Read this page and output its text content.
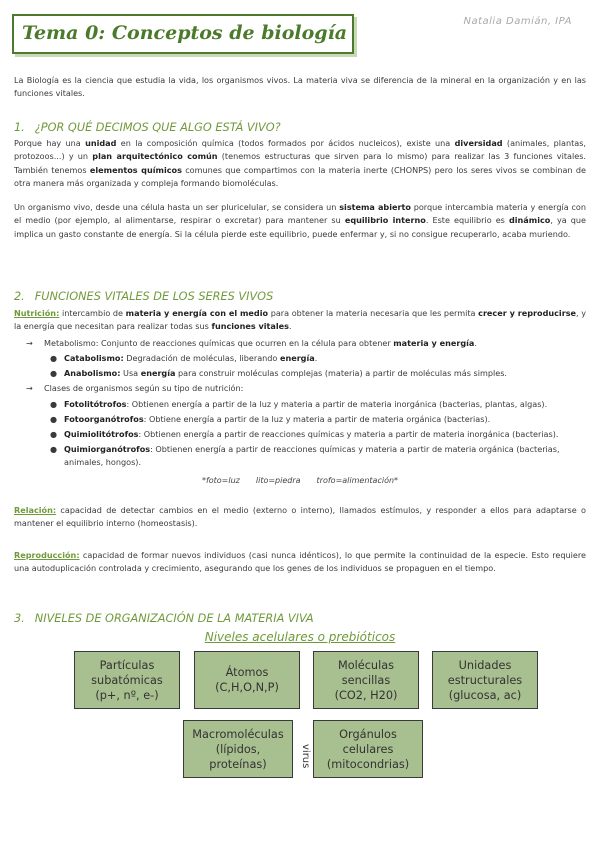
Tema 0: Conceptos de biología
Natalia Damián, IPA

La Biología es la ciencia que estudia la vida, los organismos vivos. La materia viva se diferencia de la mineral en la organización y en las funciones vitales.

1. ¿POR QUÉ DECIMOS QUE ALGO ESTÁ VIVO?

Porque hay una unidad en la composición química (todos formados por ácidos nucleicos), existe una diversidad (animales, plantas, protozoos...) y un plan arquitectónico común (tenemos estructuras que sirven para lo mismo) para realizar las 3 funciones vitales. También tenemos elementos químicos comunes que compartimos con la materia inerte (CHONPS) pero los seres vivos se combinan de otra manera más organizada y compleja formando biomoléculas.

Un organismo vivo, desde una célula hasta un ser pluricelular, se considera un sistema abierto porque intercambia materia y energía con el medio (por ejemplo, al alimentarse, respirar o excretar) para mantener su equilibrio interno. Este equilibrio es dinámico, ya que implica un gasto constante de energía. Si la célula pierde este equilibrio, puede enfermar y, si no consigue recuperarlo, acaba muriendo.

2. FUNCIONES VITALES DE LOS SERES VIVOS

Nutrición: intercambio de materia y energía con el medio para obtener la materia necesaria que les permita crecer y reproducirse, y la energía que necesitan para realizar todas sus funciones vitales.

→ Metabolismo: Conjunto de reacciones químicas que ocurren en la célula para obtener materia y energía.
● Catabolismo: Degradación de moléculas, liberando energía.
● Anabolismo: Usa energía para construir moléculas complejas (materia) a partir de moléculas más simples.
→ Clases de organismos según su tipo de nutrición:
● Fotolitótrofos: Obtienen energía a partir de la luz y materia a partir de materia inorgánica (bacterias, plantas, algas).
● Fotoorganótrofos: Obtiene energía a partir de la luz y materia a partir de materia orgánica (bacterias).
● Quimiolitótrofos: Obtienen energía a partir de reacciones químicas y materia a partir de materia inorgánica (bacterias).
● Quimiorganótrofos: Obtienen energía a partir de reacciones químicas y materia a partir de materia orgánica (bacterias, animales, hongos).
*foto=luz lito=piedra trofo=alimentación*

Relación: capacidad de detectar cambios en el medio (externo o interno), llamados estímulos, y responder a ellos para adaptarse o mantener el equilibrio interno (homeostasis).

Reproducción: capacidad de formar nuevos individuos (casi nunca idénticos), lo que permite la continuidad de la especie. Esto requiere una autoduplicación controlada y crecimiento, asegurando que los genes de los individuos se propaguen en el tiempo.

3. NIVELES DE ORGANIZACIÓN DE LA MATERIA VIVA
Niveles acelulares o prebióticos
Partículas
subatómicas
(p+, nº, e-)
Átomos
(C,H,O,N,P)
Moléculas
sencillas
(CO2, H20)
Unidades
estructurales
(glucosa, ac)
Macromoléculas
(lípidos,
proteínas)
Orgánulos
celulares
(mitocondrias)
virus
